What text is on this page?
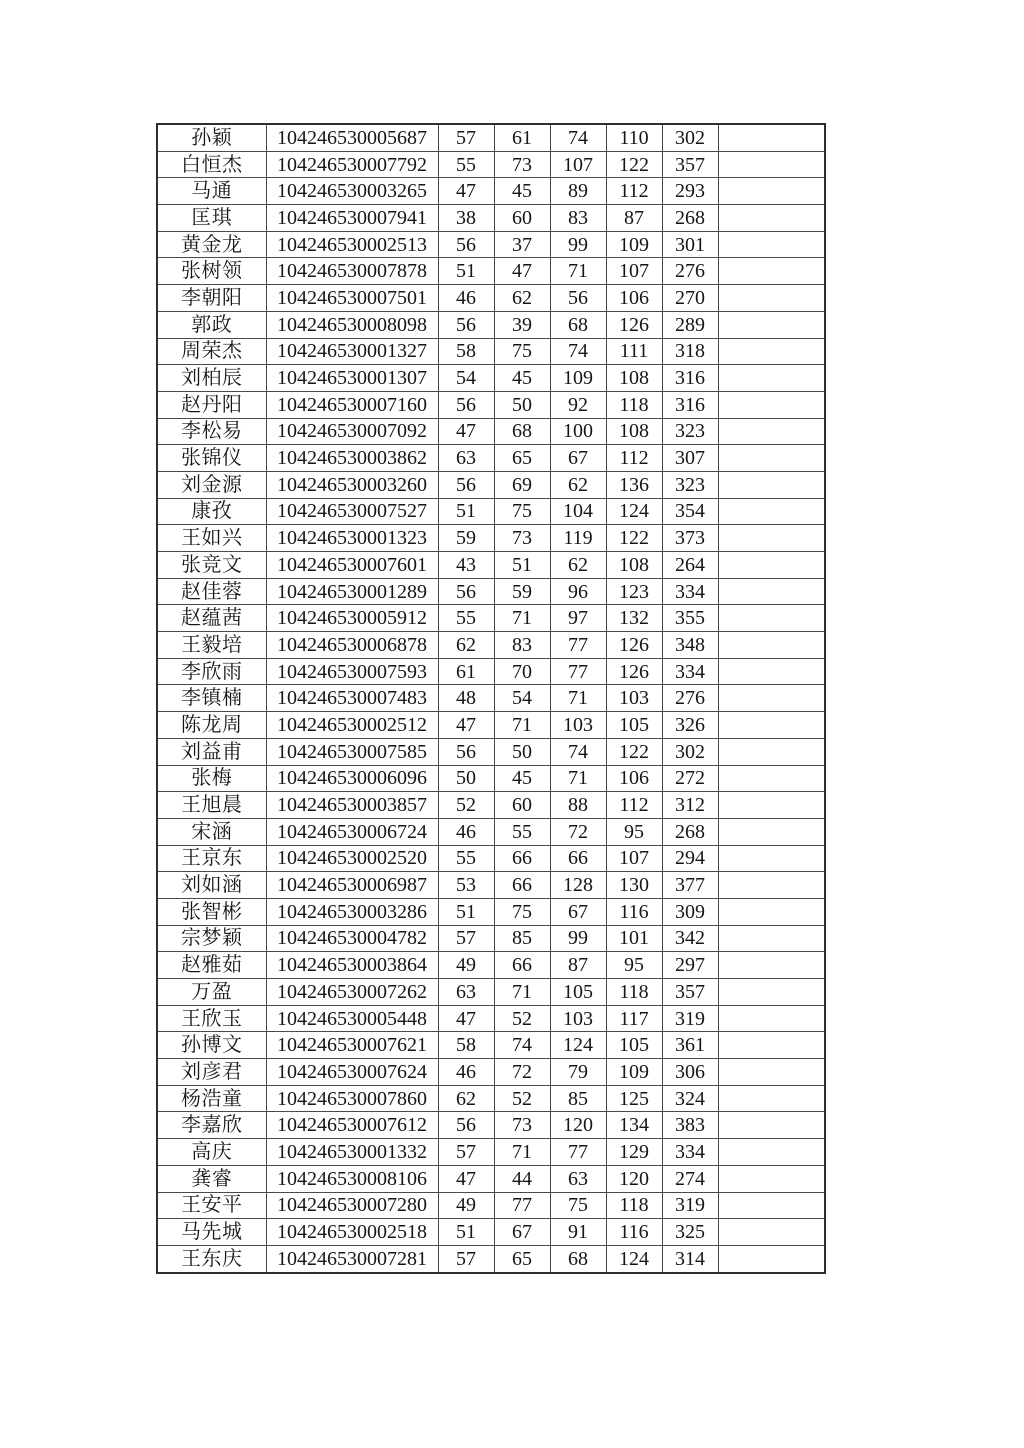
孙颖	104246530005687	57	61	74	110	302	
白恒杰	104246530007792	55	73	107	122	357	
马通	104246530003265	47	45	89	112	293	
匡琪	104246530007941	38	60	83	87	268	
黄金龙	104246530002513	56	37	99	109	301	
张树领	104246530007878	51	47	71	107	276	
李朝阳	104246530007501	46	62	56	106	270	
郭政	104246530008098	56	39	68	126	289	
周荣杰	104246530001327	58	75	74	111	318	
刘柏辰	104246530001307	54	45	109	108	316	
赵丹阳	104246530007160	56	50	92	118	316	
李松易	104246530007092	47	68	100	108	323	
张锦仪	104246530003862	63	65	67	112	307	
刘金源	104246530003260	56	69	62	136	323	
康孜	104246530007527	51	75	104	124	354	
王如兴	104246530001323	59	73	119	122	373	
张竞文	104246530007601	43	51	62	108	264	
赵佳蓉	104246530001289	56	59	96	123	334	
赵蕴茜	104246530005912	55	71	97	132	355	
王毅培	104246530006878	62	83	77	126	348	
李欣雨	104246530007593	61	70	77	126	334	
李镇楠	104246530007483	48	54	71	103	276	
陈龙周	104246530002512	47	71	103	105	326	
刘益甫	104246530007585	56	50	74	122	302	
张梅	104246530006096	50	45	71	106	272	
王旭晨	104246530003857	52	60	88	112	312	
宋涵	104246530006724	46	55	72	95	268	
王京东	104246530002520	55	66	66	107	294	
刘如涵	104246530006987	53	66	128	130	377	
张智彬	104246530003286	51	75	67	116	309	
宗梦颖	104246530004782	57	85	99	101	342	
赵雅茹	104246530003864	49	66	87	95	297	
万盈	104246530007262	63	71	105	118	357	
王欣玉	104246530005448	47	52	103	117	319	
孙博文	104246530007621	58	74	124	105	361	
刘彦君	104246530007624	46	72	79	109	306	
杨浩童	104246530007860	62	52	85	125	324	
李嘉欣	104246530007612	56	73	120	134	383	
高庆	104246530001332	57	71	77	129	334	
龚睿	104246530008106	47	44	63	120	274	
王安平	104246530007280	49	77	75	118	319	
马先城	104246530002518	51	67	91	116	325	
王东庆	104246530007281	57	65	68	124	314	
